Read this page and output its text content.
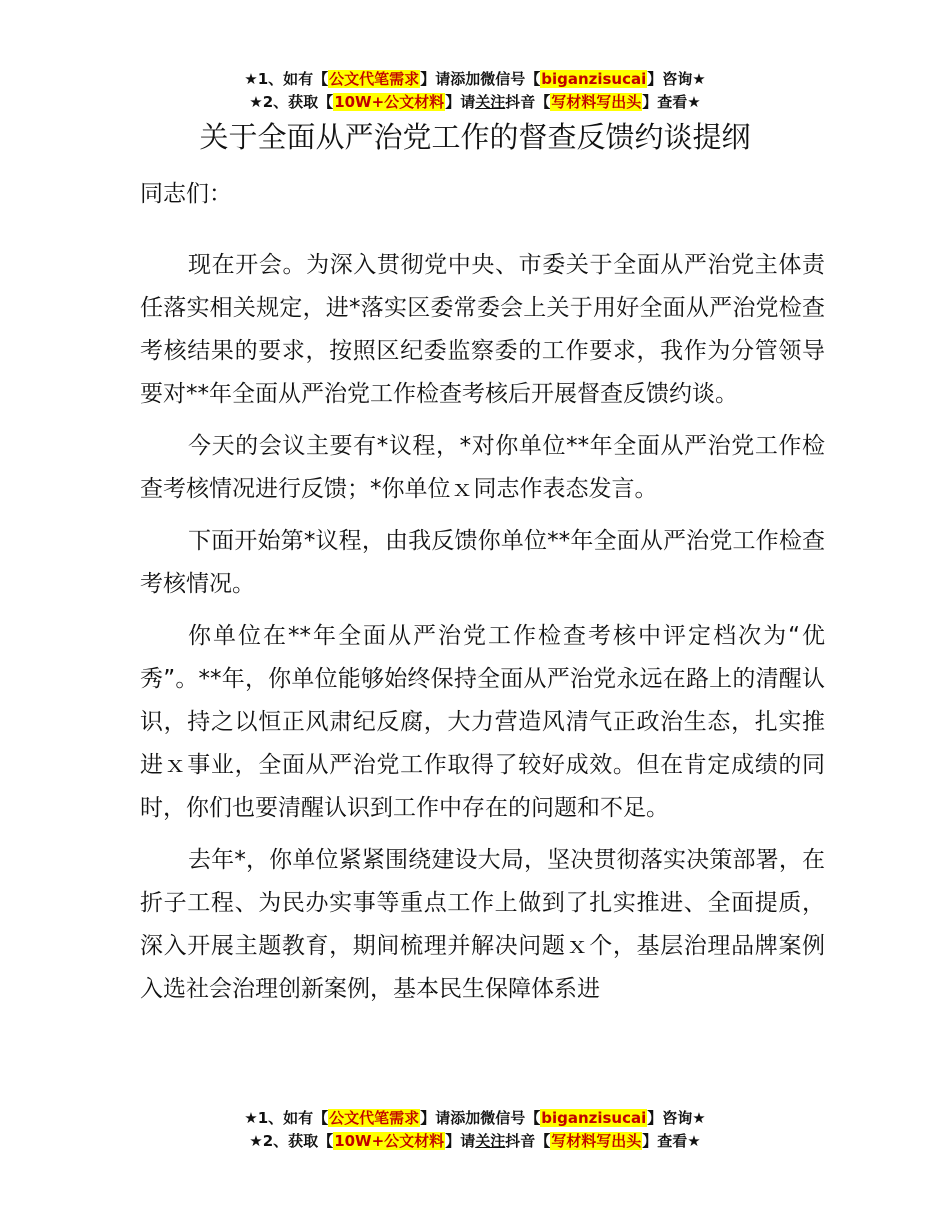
★1、如有【公文代笔需求】请添加微信号【biganzisucai】咨询★
★2、获取【10W+公文材料】请关注抖音【写材料写出头】查看★
关于全面从严治党工作的督查反馈约谈提纲

同志们：

现在开会。为深入贯彻党中央、市委关于全面从严治党主体责任落实相关规定，进*落实区委常委会上关于用好全面从严治党检查考核结果的要求，按照区纪委监察委的工作要求，我作为分管领导要对**年全面从严治党工作检查考核后开展督查反馈约谈。

今天的会议主要有*议程，*对你单位**年全面从严治党工作检查考核情况进行反馈；*你单位ｘ同志作表态发言。

下面开始第*议程，由我反馈你单位**年全面从严治党工作检查考核情况。

你单位在**年全面从严治党工作检查考核中评定档次为“优秀”。**年，你单位能够始终保持全面从严治党永远在路上的清醒认识，持之以恒正风肃纪反腐，大力营造风清气正政治生态，扎实推进ｘ事业，全面从严治党工作取得了较好成效。但在肯定成绩的同时，你们也要清醒认识到工作中存在的问题和不足。

去年*，你单位紧紧围绕建设大局，坚决贯彻落实决策部署，在折子工程、为民办实事等重点工作上做到了扎实推进、全面提质，深入开展主题教育，期间梳理并解决问题ｘ个，基层治理品牌案例入选社会治理创新案例，基本民生保障体系进

★1、如有【公文代笔需求】请添加微信号【biganzisucai】咨询★
★2、获取【10W+公文材料】请关注抖音【写材料写出头】查看★
